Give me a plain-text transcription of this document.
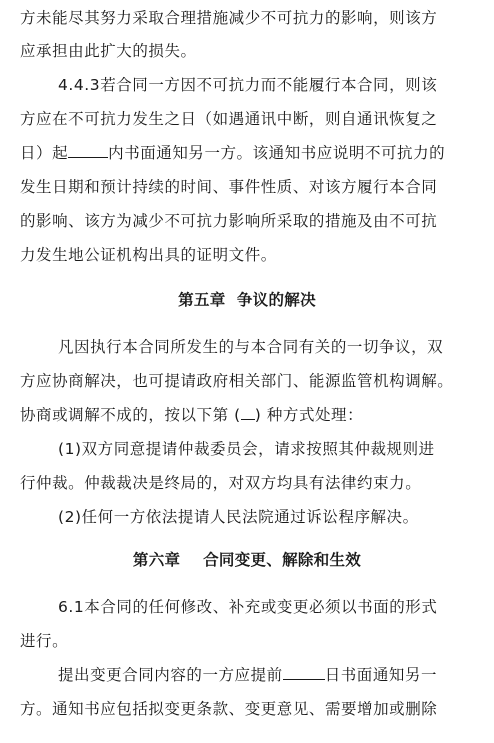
方未能尽其努力采取合理措施减少不可抗力的影响，则该方
应承担由此扩大的损失。
4.4.3若合同一方因不可抗力而不能履行本合同，则该
方应在不可抗力发生之日（如遇通讯中断，则自通讯恢复之
日）起	内书面通知另一方。该通知书应说明不可抗力的
发生日期和预计持续的时间、事件性质、对该方履行本合同
的影响、该方为减少不可抗力影响所采取的措施及由不可抗
力发生地公证机构出具的证明文件。
第五章  争议的解决
凡因执行本合同所发生的与本合同有关的一切争议，双
方应协商解决，也可提请政府相关部门、能源监管机构调解。
协商或调解不成的，按以下第 ( ) 种方式处理：
(1)双方同意提请仲裁委员会，请求按照其仲裁规则进
行仲裁。仲裁裁决是终局的，对双方均具有法律约束力。
(2)任何一方依法提请人民法院通过诉讼程序解决。
第六章    合同变更、解除和生效
6.1本合同的任何修改、补充或变更必须以书面的形式
进行。
提出变更合同内容的一方应提前	日书面通知另一
方。通知书应包括拟变更条款、变更意见、需要增加或删除
